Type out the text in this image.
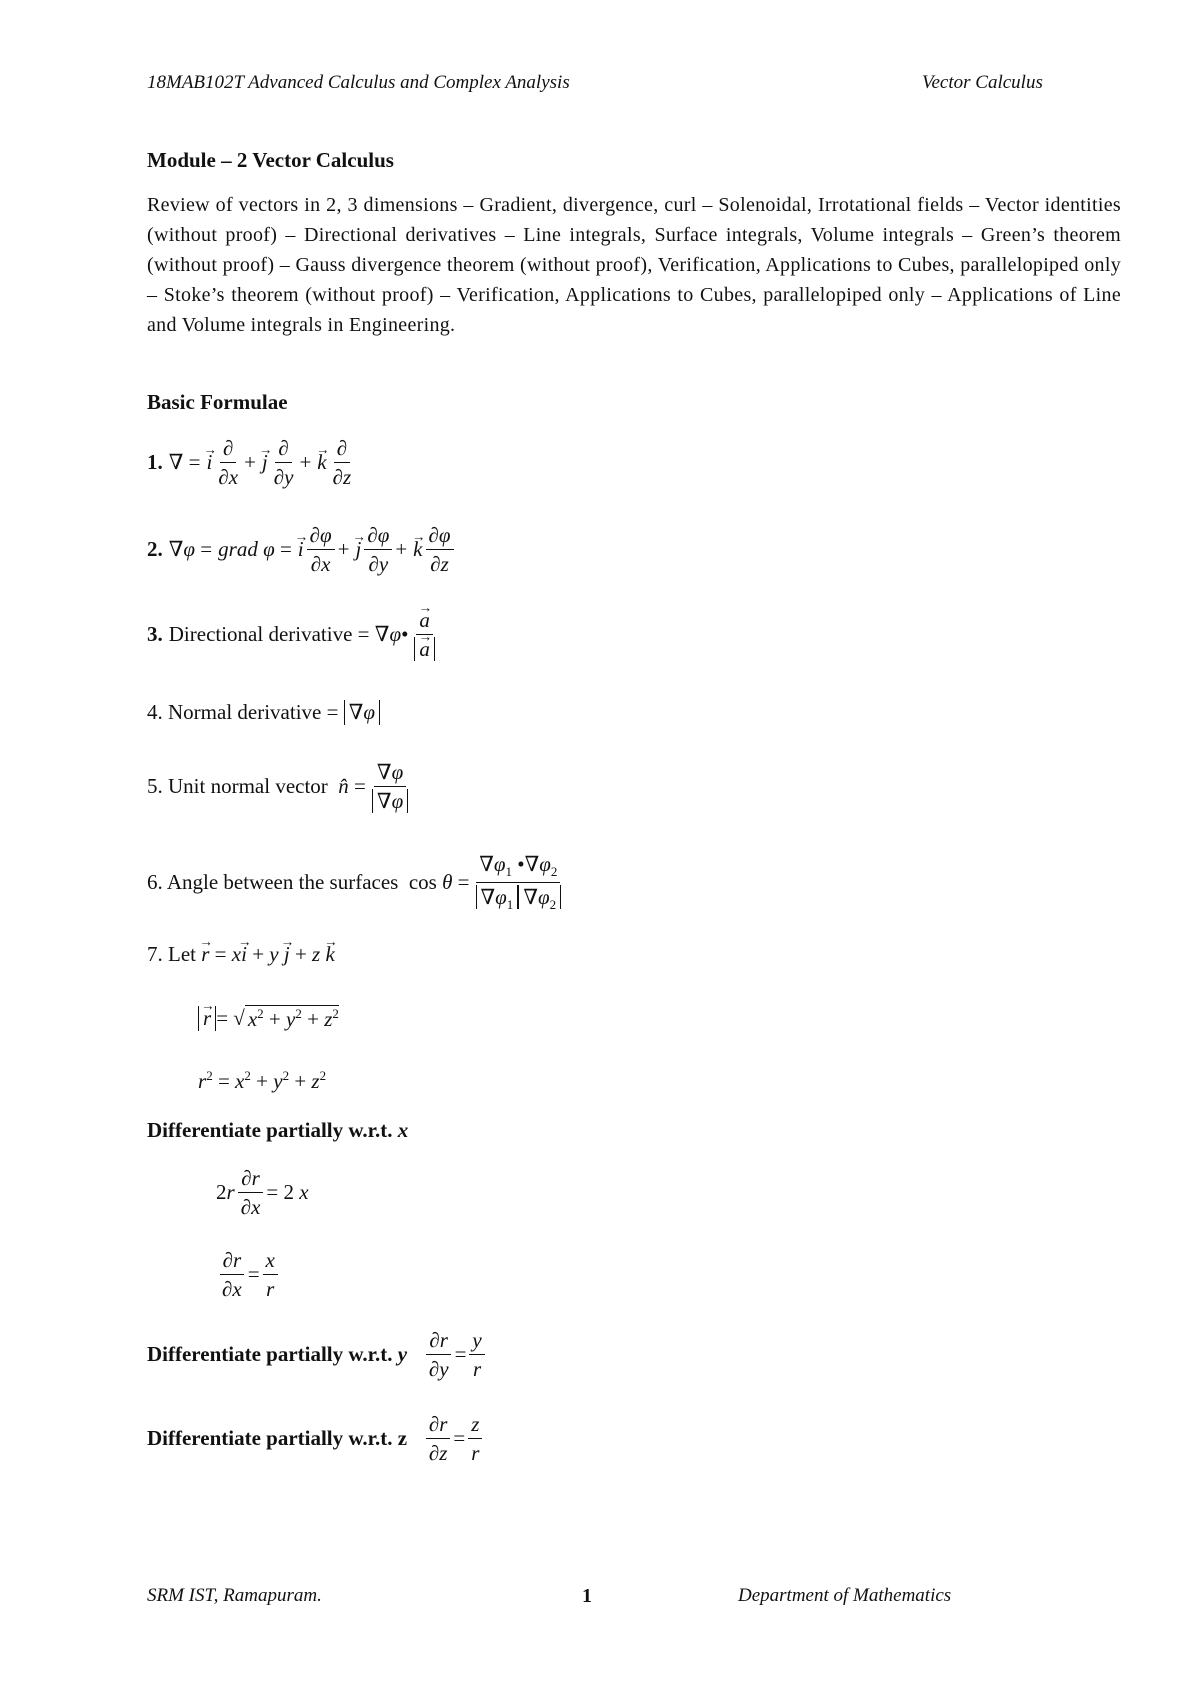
18MAB102T Advanced Calculus and Complex Analysis	Vector Calculus
Module – 2 Vector Calculus
Review of vectors in 2, 3 dimensions – Gradient, divergence, curl – Solenoidal, Irrotational fields – Vector identities (without proof) – Directional derivatives – Line integrals, Surface integrals, Volume integrals – Green’s theorem (without proof) – Gauss divergence theorem (without proof), Verification, Applications to Cubes, parallelopiped only – Stoke’s theorem (without proof) – Verification, Applications to Cubes, parallelopiped only – Applications of Line and Volume integrals in Engineering.
Basic Formulae
1. ∇ = → i $\frac{\partial}{\partial x}$ + → j $\frac{\partial}{\partial y}$ + → k $\frac{\partial}{\partial z}$
2. ∇φ = grad φ = → i $\frac{\partial\varphi}{\partial x}$ + → j $\frac{\partial\varphi}{\partial y}$ + → k $\frac{\partial\varphi}{\partial z}$
3. Directional derivative = ∇φ• → a
→ a
4. Normal derivative =
∇φ
5. Unit normal vector n̂ = $\frac{\nabla\varphi}{\nabla\varphi}$
6. Angle between the surfaces
$\cos \theta = \frac{\nabla\varphi_1 •\nabla\varphi_2}{\nabla\varphi_1 \nabla\varphi_2}$
7. Let → r = x→ i + y → j + z → k
→ r = √ $x^2 + y^2 + z^2$
$r^2 = x^2 + y^2 + z^2$
Differentiate partially w.r.t. x
$2r \frac{\partial r}{\partial x} = 2$ x
$\frac{\partial r}{\partial x} = \frac{x}{r}$
Differentiate partially w.r.t.
y
$\frac{\partial r}{\partial y} = \frac{y}{r}$
Differentiate partially w.r.t. z
$\frac{\partial r}{\partial z} = \frac{z}{r}$
SRM IST, Ramapuram.	1	Department of Mathematics
